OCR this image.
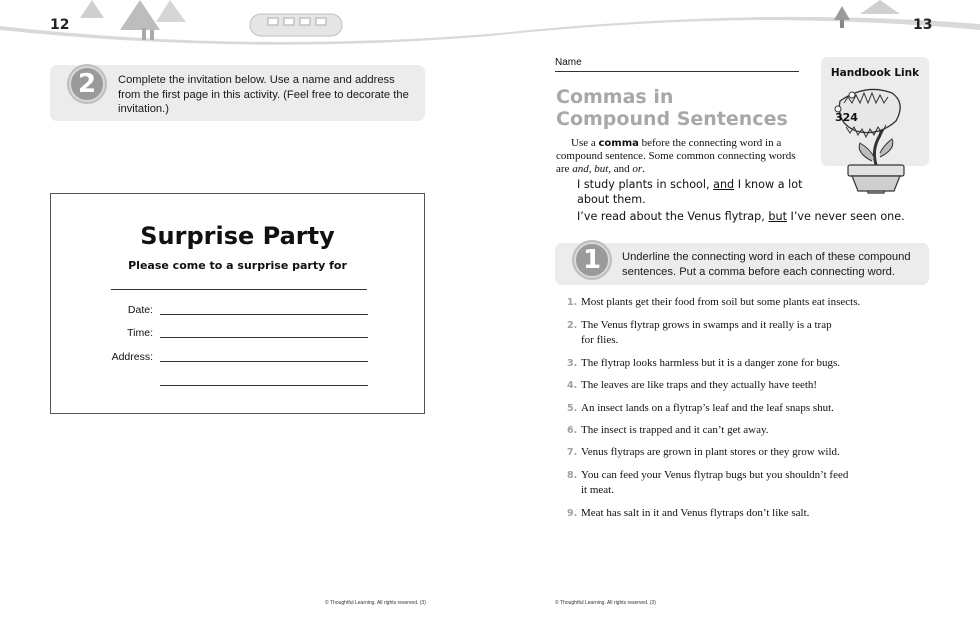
12	13
2	Complete the invitation below. Use a name and address
from the first page in this activity. (Feel free to decorate the
invitation.)
Surprise Party
Please come to a surprise party for
Date:
Time:
Address:
© Thoughtful Learning. All rights reserved. (3)
Name
Commas in
Compound Sentences
Handbook Link
324
Use a comma before the connecting word in a compound sentence. Some common connecting words are and, but, and or.
I study plants in school, and I know a lot
about them.
I’ve read about the Venus flytrap, but I’ve never seen one.
1	Underline the connecting word in each of these compound
sentences. Put a comma before each connecting word.
1. Most plants get their food from soil but some plants eat insects.
2. The Venus flytrap grows in swamps and it really is a trap
for flies.
3. The flytrap looks harmless but it is a danger zone for bugs.
4. The leaves are like traps and they actually have teeth!
5. An insect lands on a flytrap’s leaf and the leaf snaps shut.
6. The insect is trapped and it can’t get away.
7. Venus flytraps are grown in plant stores or they grow wild.
8. You can feed your Venus flytrap bugs but you shouldn’t feed
it meat.
9. Meat has salt in it and Venus flytraps don’t like salt.
© Thoughtful Learning. All rights reserved. (3)
